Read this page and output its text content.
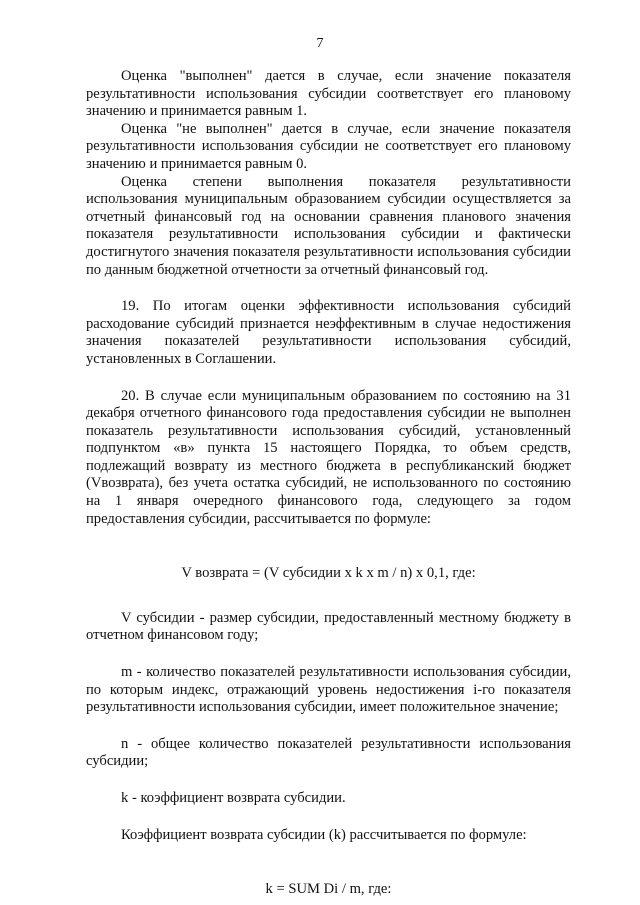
7

Оценка "выполнен" дается в случае, если значение показателя результативности использования субсидии соответствует его плановому значению и принимается равным 1.

Оценка "не выполнен" дается в случае, если значение показателя результативности использования субсидии не соответствует его плановому значению и принимается равным 0.

Оценка степени выполнения показателя результативности использования муниципальным образованием субсидии осуществляется за отчетный финансовый год на основании сравнения планового значения показателя результативности использования субсидии и фактически достигнутого значения показателя результативности использования субсидии по данным бюджетной отчетности за отчетный финансовый год.

19. По итогам оценки эффективности использования субсидий расходование субсидий признается неэффективным в случае недостижения значения показателей результативности использования субсидий, установленных в Соглашении.

20. В случае если муниципальным образованием по состоянию на 31 декабря отчетного финансового года предоставления субсидии не выполнен показатель результативности использования субсидий, установленный подпунктом «в» пункта 15 настоящего Порядка, то объем средств, подлежащий возврату из местного бюджета в республиканский бюджет (Vвозврата), без учета остатка субсидий, не использованного по состоянию на 1 января очередного финансового года, следующего за годом предоставления субсидии, рассчитывается по формуле:

V возврата = (V субсидии x k x m / n) x 0,1, где:

V субсидии - размер субсидии, предоставленный местному бюджету в отчетном финансовом году;

m - количество показателей результативности использования субсидии, по которым индекс, отражающий уровень недостижения i-го показателя результативности использования субсидии, имеет положительное значение;

n - общее количество показателей результативности использования субсидии;

k - коэффициент возврата субсидии.

Коэффициент возврата субсидии (k) рассчитывается по формуле:

k = SUM Di / m, где:
